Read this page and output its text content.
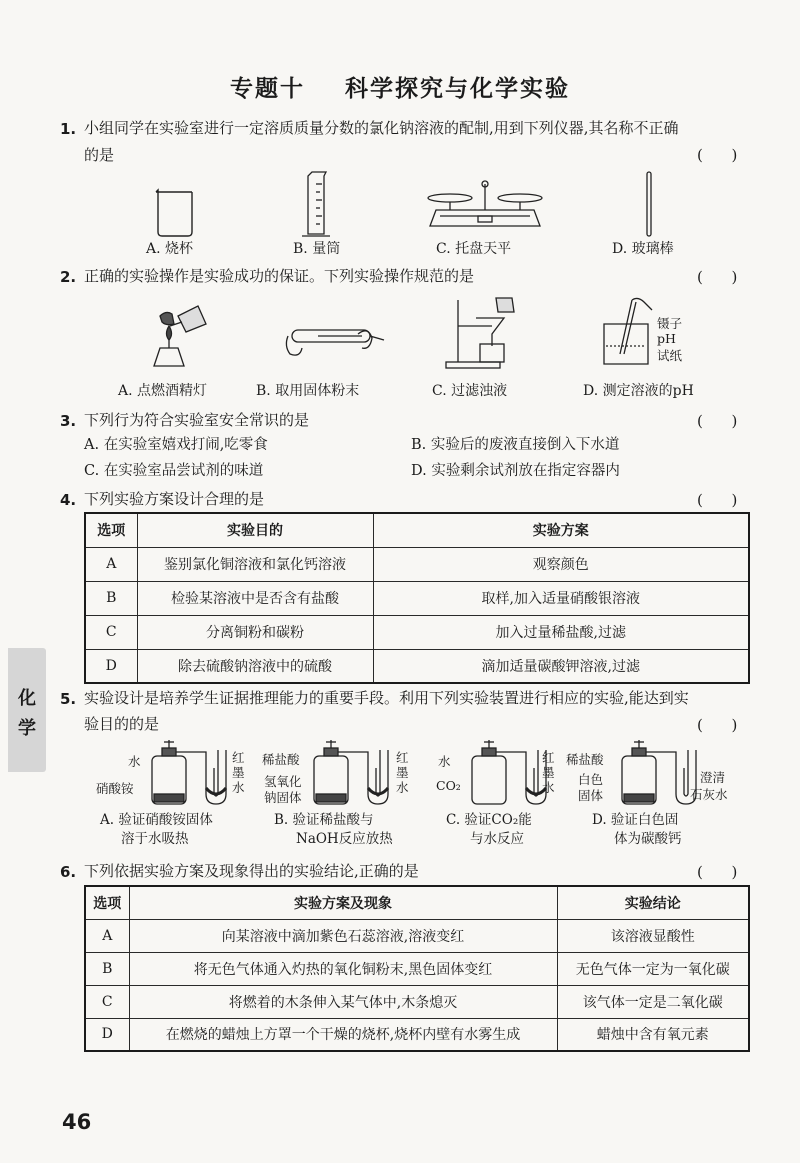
专题十    科学探究与化学实验
化
学
1. 小组同学在实验室进行一定溶质质量分数的氯化钠溶液的配制,用到下列仪器,其名称不正确
的是	(      )
A. 烧杯	B. 量筒	C. 托盘天平	D. 玻璃棒
2. 正确的实验操作是实验成功的保证。下列实验操作规范的是	(      )
镊子
pH
试纸
A. 点燃酒精灯	B. 取用固体粉末	C. 过滤浊液	D. 测定溶液的pH
3. 下列行为符合实验室安全常识的是	(      )
A. 在实验室嬉戏打闹,吃零食	B. 实验后的废液直接倒入下水道
C. 在实验室品尝试剂的味道	D. 实验剩余试剂放在指定容器内
4. 下列实验方案设计合理的是	(      )
选项	实验目的	实验方案
A	鉴别氯化铜溶液和氯化钙溶液	观察颜色
B	检验某溶液中是否含有盐酸	取样,加入适量硝酸银溶液
C	分离铜粉和碳粉	加入过量稀盐酸,过滤
D	除去硫酸钠溶液中的硫酸	滴加适量碳酸钾溶液,过滤
5. 实验设计是培养学生证据推理能力的重要手段。利用下列实验装置进行相应的实验,能达到实
验目的的是	(      )
水
硝酸铵
红
墨
水
稀盐酸
氢氧化
钠固体
红
墨
水
水
CO₂
红
墨
水
稀盐酸
白色
固体
澄清
石灰水
A. 验证硝酸铵固体
溶于水吸热
B. 验证稀盐酸与
NaOH反应放热
C. 验证CO₂能
与水反应
D. 验证白色固
体为碳酸钙
6. 下列依据实验方案及现象得出的实验结论,正确的是	(      )
选项	实验方案及现象	实验结论
A	向某溶液中滴加紫色石蕊溶液,溶液变红	该溶液显酸性
B	将无色气体通入灼热的氧化铜粉末,黑色固体变红	无色气体一定为一氧化碳
C	将燃着的木条伸入某气体中,木条熄灭	该气体一定是二氧化碳
D	在燃烧的蜡烛上方罩一个干燥的烧杯,烧杯内壁有水雾生成	蜡烛中含有氧元素
46
